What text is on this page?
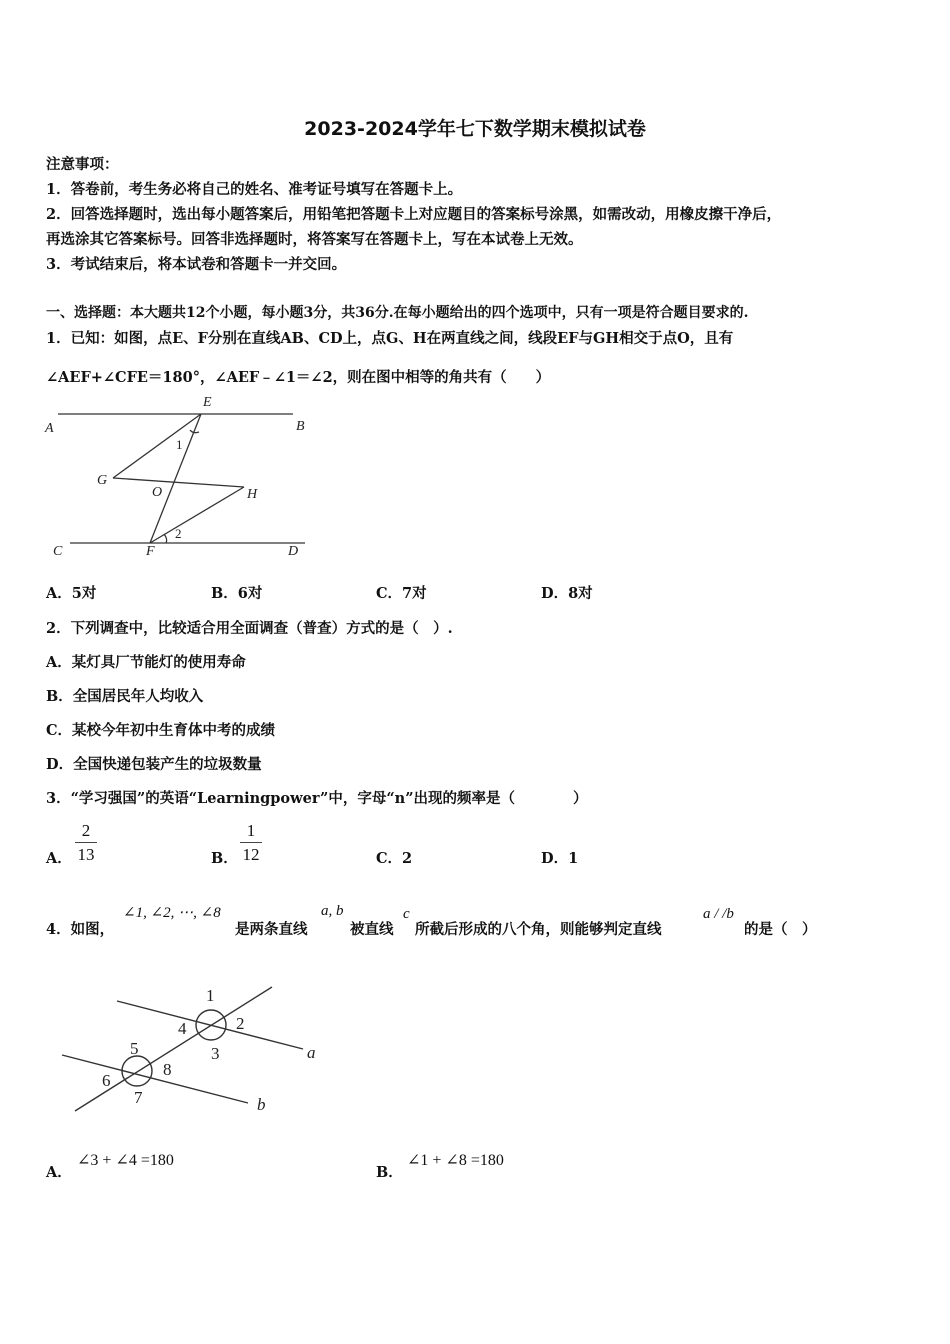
2023-2024学年七下数学期末模拟试卷
注意事项：
1．答卷前，考生务必将自己的姓名、准考证号填写在答题卡上。
2．回答选择题时，选出每小题答案后，用铅笔把答题卡上对应题目的答案标号涂黑，如需改动，用橡皮擦干净后，
再选涂其它答案标号。回答非选择题时，将答案写在答题卡上，写在本试卷上无效。
3．考试结束后，将本试卷和答题卡一并交回。
一、选择题：本大题共12个小题，每小题3分，共36分.在每小题给出的四个选项中，只有一项是符合题目要求的.
1．已知：如图，点E、F分别在直线AB、CD上，点G、H在两直线之间，线段EF与GH相交于点O，且有
∠AEF+∠CFE＝180°，∠AEF﹣∠1＝∠2，则在图中相等的角共有（　　）
A	B
C	D
E
F
G
H
O
1
2
A．5对	B．6对	C．7对	D．8对
2．下列调查中，比较适合用全面调查（普查）方式的是（　）.
A．某灯具厂节能灯的使用寿命
B．全国居民年人均收入
C．某校今年初中生育体中考的成绩
D．全国快递包装产生的垃圾数量
3．“学习强国”的英语“Learningpower”中，字母“n”出现的频率是（　　　　）
A．
2
13	B．
1
12	C．2	D．1
4．如图，
∠1, ∠2, ⋯, ∠8
是两条直线
a, b
被直线
c
所截后形成的八个角，则能够判定直线
a / /b
的是（　）
1
2
3
4
5
6
7
8
a
b
A．
∠3 + ∠4 =180
B．
∠1 + ∠8 =180
